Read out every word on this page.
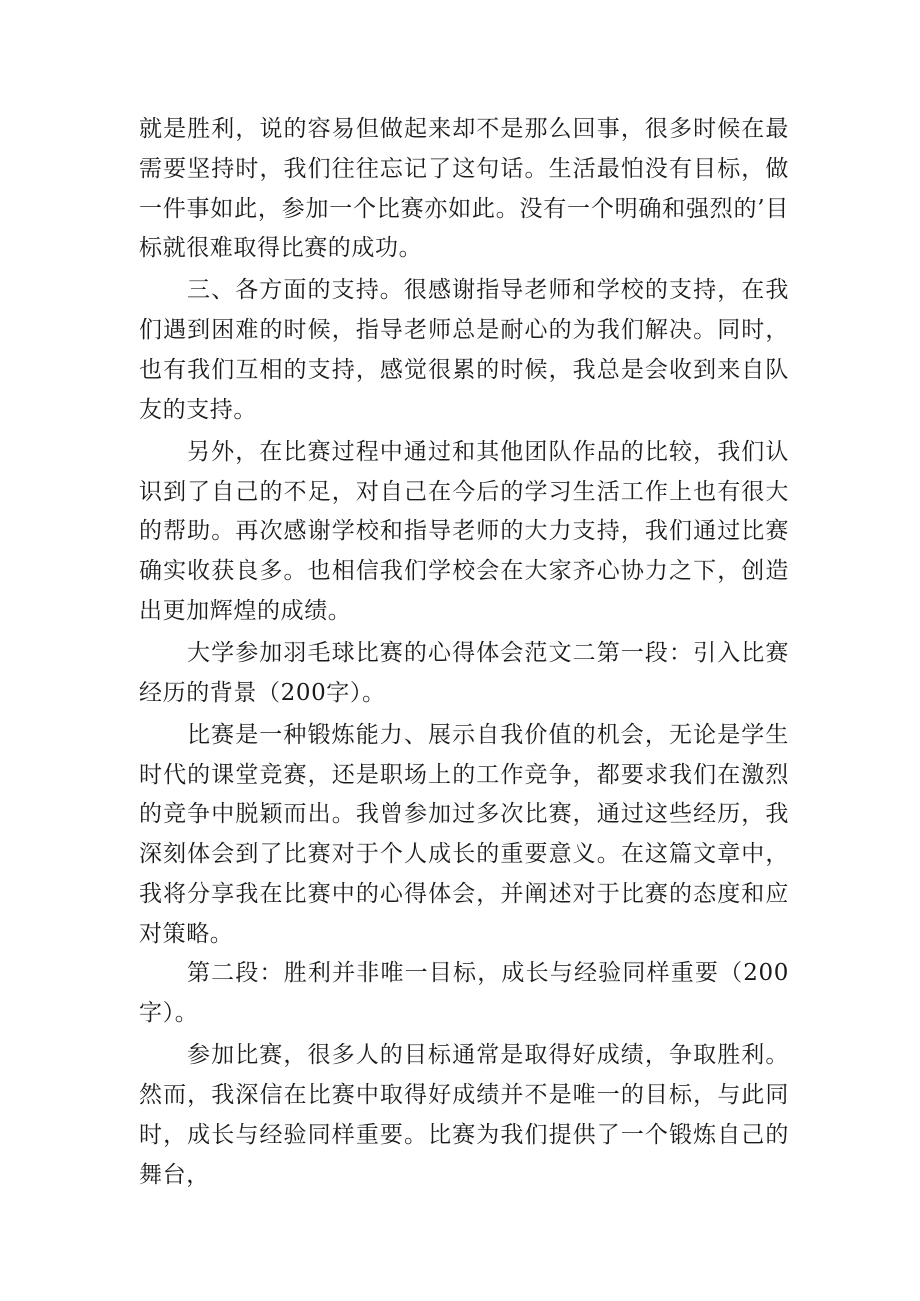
就是胜利，说的容易但做起来却不是那么回事，很多时候在最需要坚持时，我们往往忘记了这句话。生活最怕没有目标，做一件事如此，参加一个比赛亦如此。没有一个明确和强烈的’目标就很难取得比赛的成功。

三、各方面的支持。很感谢指导老师和学校的支持，在我们遇到困难的时候，指导老师总是耐心的为我们解决。同时，也有我们互相的支持，感觉很累的时候，我总是会收到来自队友的支持。

另外，在比赛过程中通过和其他团队作品的比较，我们认识到了自己的不足，对自己在今后的学习生活工作上也有很大的帮助。再次感谢学校和指导老师的大力支持，我们通过比赛确实收获良多。也相信我们学校会在大家齐心协力之下，创造出更加辉煌的成绩。

大学参加羽毛球比赛的心得体会范文二第一段：引入比赛经历的背景（200字）。

比赛是一种锻炼能力、展示自我价值的机会，无论是学生时代的课堂竞赛，还是职场上的工作竞争，都要求我们在激烈的竞争中脱颖而出。我曾参加过多次比赛，通过这些经历，我深刻体会到了比赛对于个人成长的重要意义。在这篇文章中，我将分享我在比赛中的心得体会，并阐述对于比赛的态度和应对策略。

第二段：胜利并非唯一目标，成长与经验同样重要（200字）。

参加比赛，很多人的目标通常是取得好成绩，争取胜利。然而，我深信在比赛中取得好成绩并不是唯一的目标，与此同时，成长与经验同样重要。比赛为我们提供了一个锻炼自己的舞台，
